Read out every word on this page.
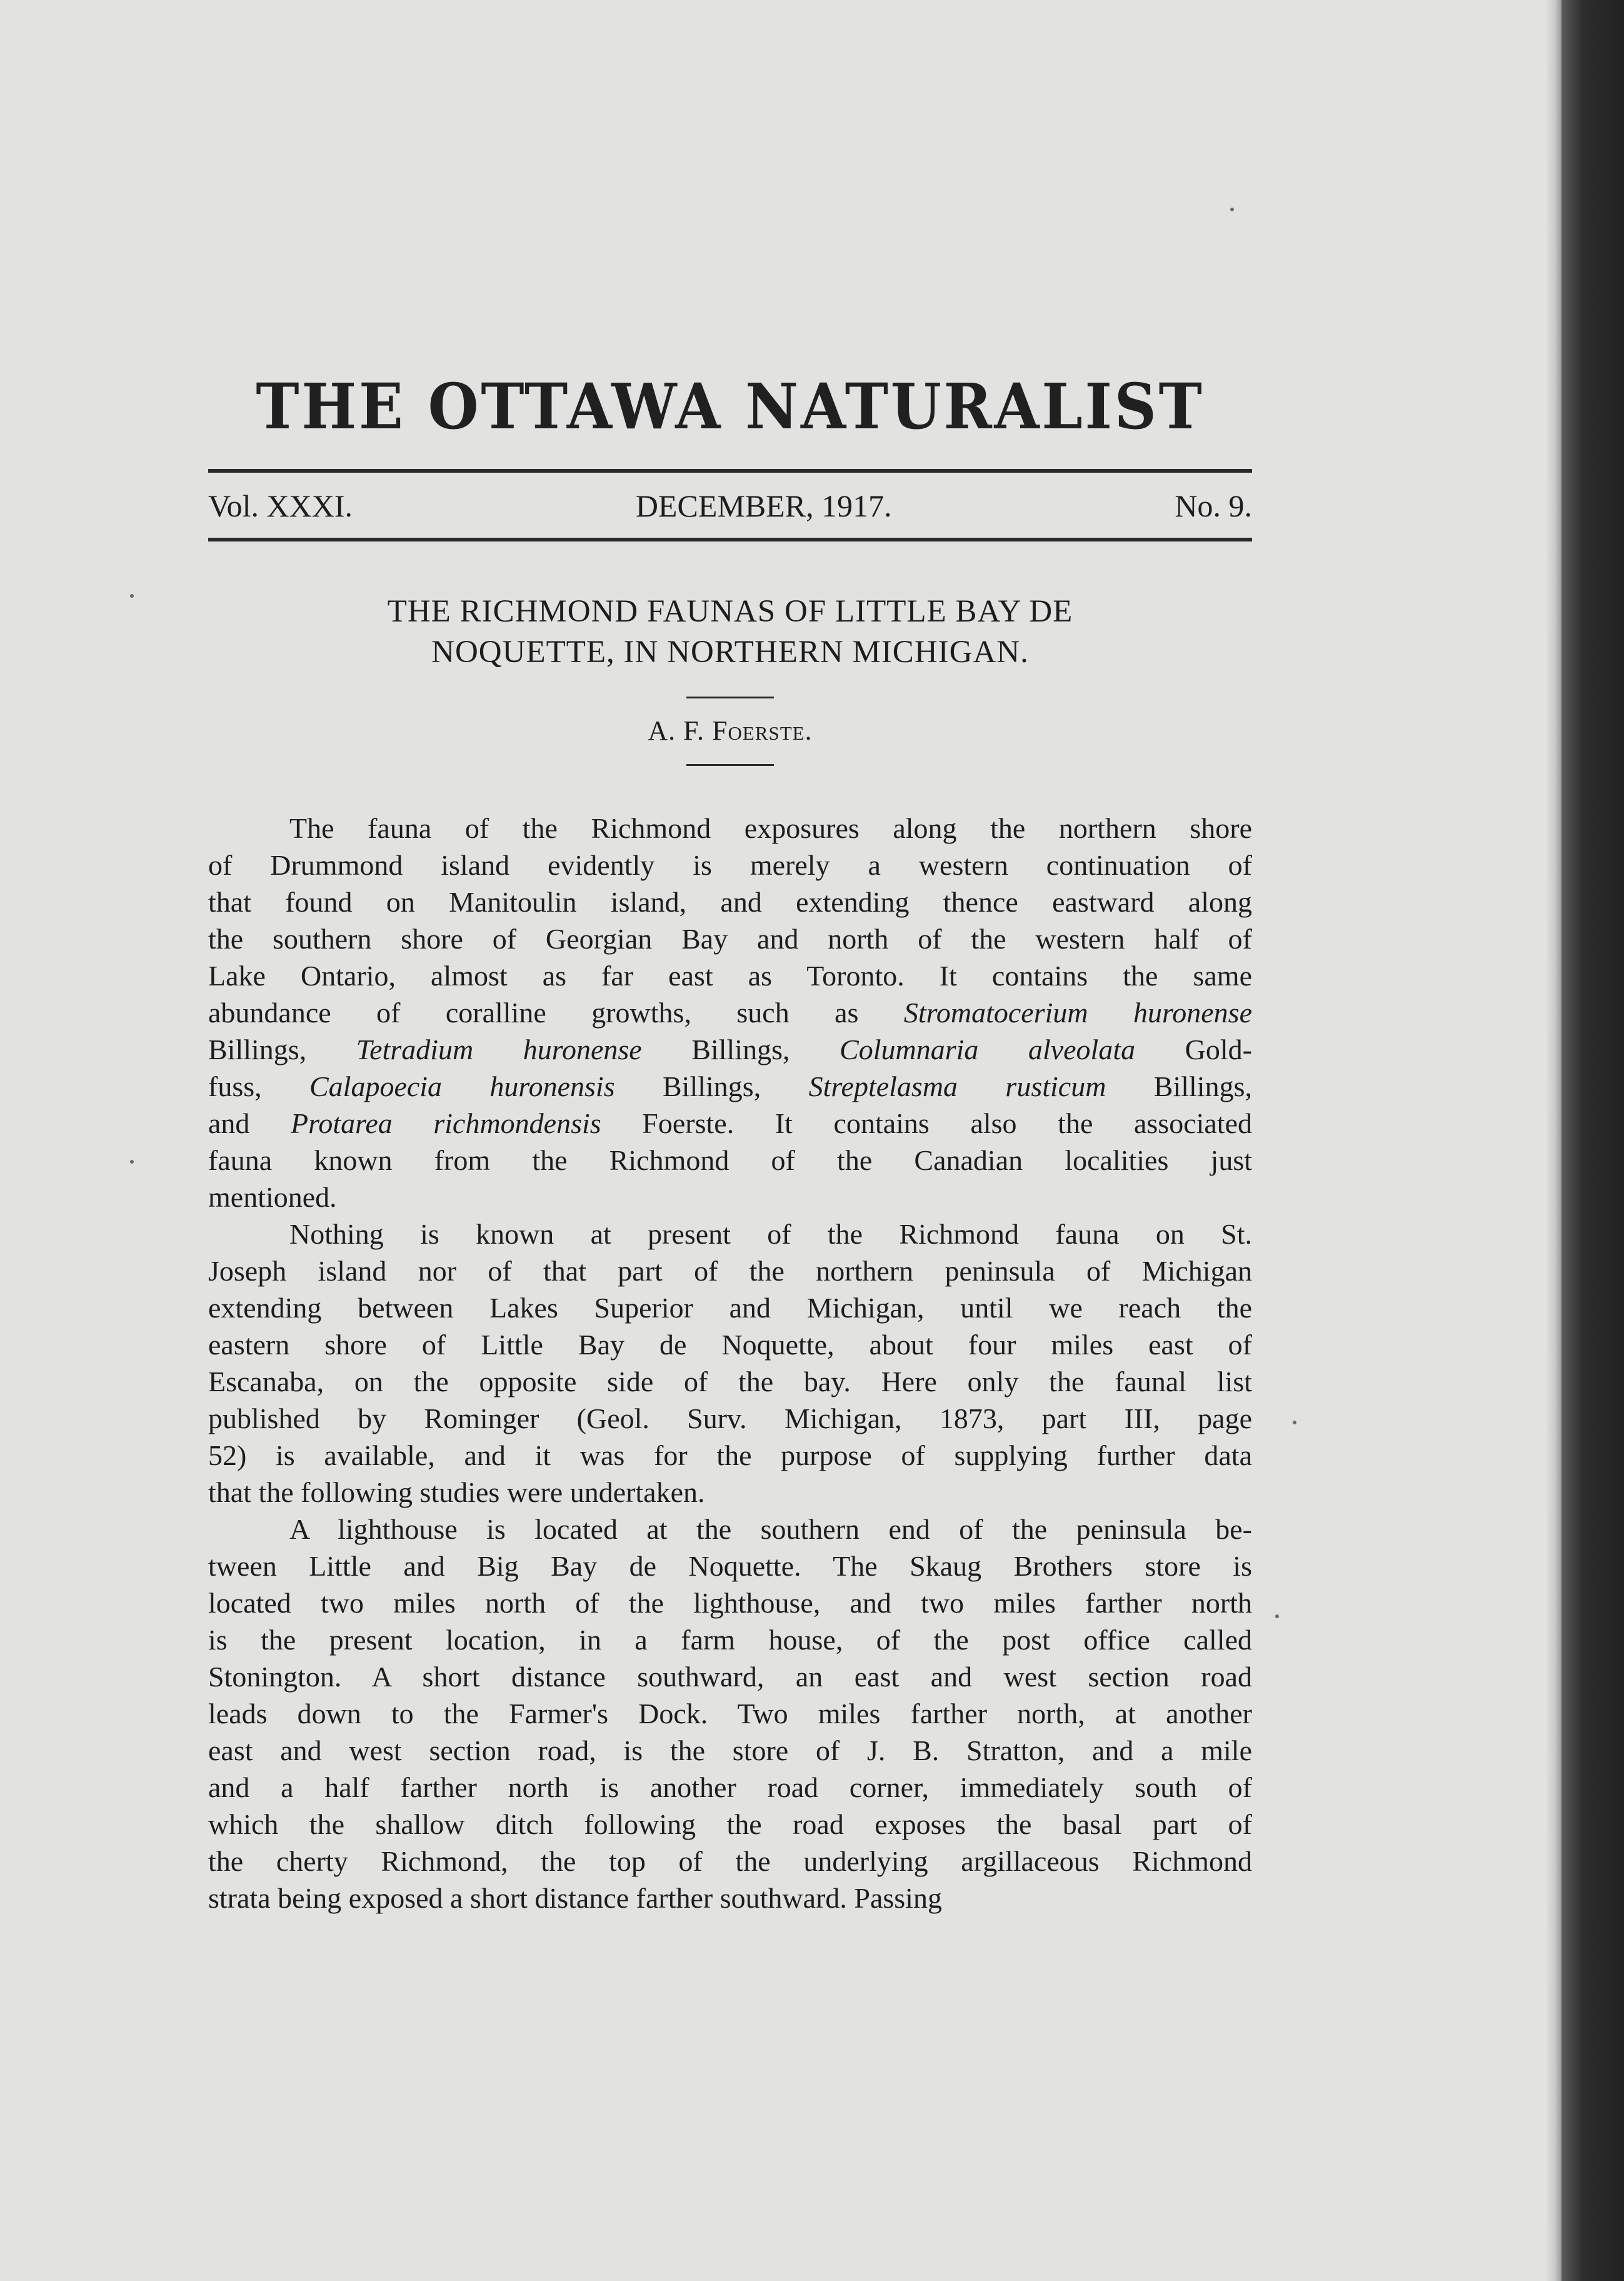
THE OTTAWA NATURALIST
Vol. XXXI.	DECEMBER, 1917.	No. 9.
THE RICHMOND FAUNAS OF LITTLE BAY DE
NOQUETTE, IN NORTHERN MICHIGAN.
A. F. Foerste.

The fauna of the Richmond exposures along the northern shore
of Drummond island evidently is merely a western continuation of
that found on Manitoulin island, and extending thence eastward along
the southern shore of Georgian Bay and north of the western half of
Lake Ontario, almost as far east as Toronto. It contains the same
abundance of coralline growths, such as Stromatocerium huronense
Billings, Tetradium huronense Billings, Columnaria alveolata Gold-
fuss, Calapoecia huronensis Billings, Streptelasma rusticum Billings,
and Protarea richmondensis Foerste. It contains also the associated
fauna known from the Richmond of the Canadian localities just
mentioned.

Nothing is known at present of the Richmond fauna on St.
Joseph island nor of that part of the northern peninsula of Michigan
extending between Lakes Superior and Michigan, until we reach the
eastern shore of Little Bay de Noquette, about four miles east of
Escanaba, on the opposite side of the bay. Here only the faunal list
published by Rominger (Geol. Surv. Michigan, 1873, part III, page
52) is available, and it was for the purpose of supplying further data
that the following studies were undertaken.

A lighthouse is located at the southern end of the peninsula be-
tween Little and Big Bay de Noquette. The Skaug Brothers store is
located two miles north of the lighthouse, and two miles farther north
is the present location, in a farm house, of the post office called
Stonington. A short distance southward, an east and west section road
leads down to the Farmer's Dock. Two miles farther north, at another
east and west section road, is the store of J. B. Stratton, and a mile
and a half farther north is another road corner, immediately south of
which the shallow ditch following the road exposes the basal part of
the cherty Richmond, the top of the underlying argillaceous Richmond
strata being exposed a short distance farther southward. Passing
